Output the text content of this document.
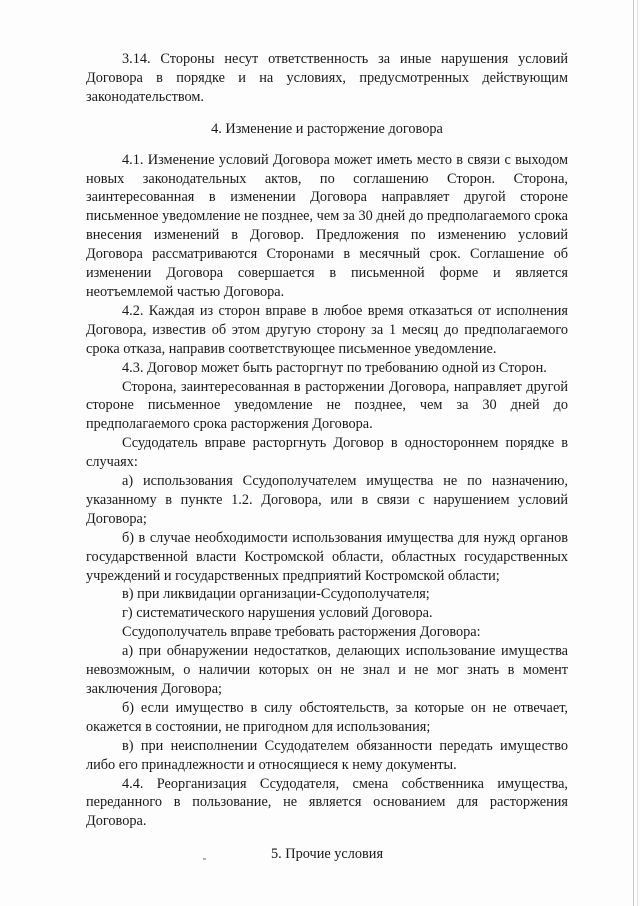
3.14. Стороны несут ответственность за иные нарушения условий Договора в порядке и на условиях, предусмотренных действующим законодательством.

4. Изменение и расторжение договора

4.1. Изменение условий Договора может иметь место в связи с выходом новых законодательных актов, по соглашению Сторон. Сторона, заинтересованная в изменении Договора направляет другой стороне письменное уведомление не позднее, чем за 30 дней до предполагаемого срока внесения изменений в Договор. Предложения по изменению условий Договора рассматриваются Сторонами в месячный срок. Соглашение об изменении Договора совершается в письменной форме и является неотъемлемой частью Договора.

4.2. Каждая из сторон вправе в любое время отказаться от исполнения Договора, известив об этом другую сторону за 1 месяц до предполагаемого срока отказа, направив соответствующее письменное уведомление.

4.3. Договор может быть расторгнут по требованию одной из Сторон.

Сторона, заинтересованная в расторжении Договора, направляет другой стороне письменное уведомление не позднее, чем за 30 дней до предполагаемого срока расторжения Договора.

Ссудодатель вправе расторгнуть Договор в одностороннем порядке в случаях:

а) использования Ссудополучателем имущества не по назначению, указанному в пункте 1.2. Договора, или в связи с нарушением условий Договора;

б) в случае необходимости использования имущества для нужд органов государственной власти Костромской области, областных государственных учреждений и государственных предприятий Костромской области;

в) при ликвидации организации-Ссудополучателя;

г) систематического нарушения условий Договора.

Ссудополучатель вправе требовать расторжения Договора:

а) при обнаружении недостатков, делающих использование имущества невозможным, о наличии которых он не знал и не мог знать в момент заключения Договора;

б) если имущество в силу обстоятельств, за которые он не отвечает, окажется в состоянии, не пригодном для использования;

в) при неисполнении Ссудодателем обязанности передать имущество либо его принадлежности и относящиеся к нему документы.

4.4. Реорганизация Ссудодателя, смена собственника имущества, переданного в пользование, не является основанием для расторжения Договора.

5. Прочие условия
